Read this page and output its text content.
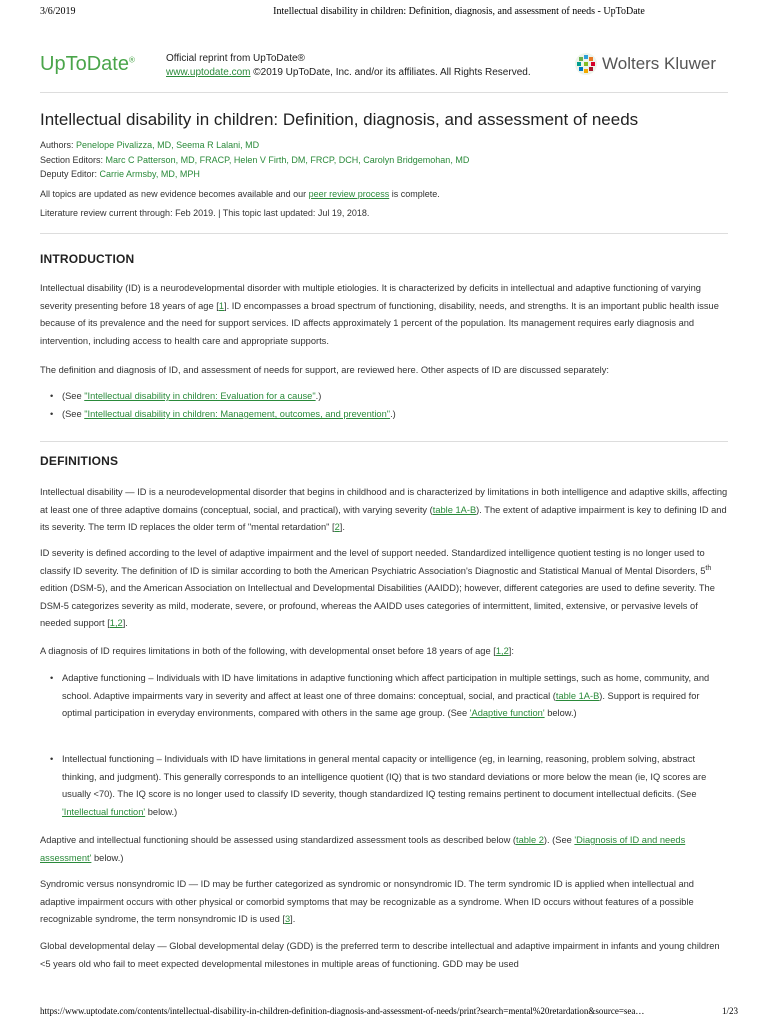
3/6/2019	Intellectual disability in children: Definition, diagnosis, and assessment of needs - UpToDate
UpToDate®	Official reprint from UpToDate®
www.uptodate.com ©2019 UpToDate, Inc. and/or its affiliates. All Rights Reserved.	Wolters Kluwer
Intellectual disability in children: Definition, diagnosis, and assessment of needs
Authors: Penelope Pivalizza, MD, Seema R Lalani, MD
Section Editors: Marc C Patterson, MD, FRACP, Helen V Firth, DM, FRCP, DCH, Carolyn Bridgemohan, MD
Deputy Editor: Carrie Armsby, MD, MPH
All topics are updated as new evidence becomes available and our peer review process is complete.
Literature review current through: Feb 2019. | This topic last updated: Jul 19, 2018.
INTRODUCTION

Intellectual disability (ID) is a neurodevelopmental disorder with multiple etiologies. It is characterized by deficits in intellectual and adaptive functioning of varying severity presenting before 18 years of age [1]. ID encompasses a broad spectrum of functioning, disability, needs, and strengths. It is an important public health issue because of its prevalence and the need for support services. ID affects approximately 1 percent of the population. Its management requires early diagnosis and intervention, including access to health care and appropriate supports.

The definition and diagnosis of ID, and assessment of needs for support, are reviewed here. Other aspects of ID are discussed separately:

• (See "Intellectual disability in children: Evaluation for a cause".)
• (See "Intellectual disability in children: Management, outcomes, and prevention".)
DEFINITIONS

Intellectual disability — ID is a neurodevelopmental disorder that begins in childhood and is characterized by limitations in both intelligence and adaptive skills, affecting at least one of three adaptive domains (conceptual, social, and practical), with varying severity (table 1A-B). The extent of adaptive impairment is key to defining ID and its severity. The term ID replaces the older term of "mental retardation" [2].

ID severity is defined according to the level of adaptive impairment and the level of support needed. Standardized intelligence quotient testing is no longer used to classify ID severity. The definition of ID is similar according to both the American Psychiatric Association's Diagnostic and Statistical Manual of Mental Disorders, 5th edition (DSM-5), and the American Association on Intellectual and Developmental Disabilities (AAIDD); however, different categories are used to define severity. The DSM-5 categorizes severity as mild, moderate, severe, or profound, whereas the AAIDD uses categories of intermittent, limited, extensive, or pervasive levels of needed support [1,2].

A diagnosis of ID requires limitations in both of the following, with developmental onset before 18 years of age [1,2]:

• Adaptive functioning – Individuals with ID have limitations in adaptive functioning which affect participation in multiple settings, such as home, community, and school. Adaptive impairments vary in severity and affect at least one of three domains: conceptual, social, and practical (table 1A-B). Support is required for optimal participation in everyday environments, compared with others in the same age group. (See 'Adaptive function' below.)
• Intellectual functioning – Individuals with ID have limitations in general mental capacity or intelligence (eg, in learning, reasoning, problem solving, abstract thinking, and judgment). This generally corresponds to an intelligence quotient (IQ) that is two standard deviations or more below the mean (ie, IQ scores are usually <70). The IQ score is no longer used to classify ID severity, though standardized IQ testing remains pertinent to document intellectual deficits. (See 'Intellectual function' below.)

Adaptive and intellectual functioning should be assessed using standardized assessment tools as described below (table 2). (See 'Diagnosis of ID and needs assessment' below.)

Syndromic versus nonsyndromic ID — ID may be further categorized as syndromic or nonsyndromic ID. The term syndromic ID is applied when intellectual and adaptive impairment occurs with other physical or comorbid symptoms that may be recognizable as a syndrome. When ID occurs without features of a possible recognizable syndrome, the term nonsyndromic ID is used [3].

Global developmental delay — Global developmental delay (GDD) is the preferred term to describe intellectual and adaptive impairment in infants and young children <5 years old who fail to meet expected developmental milestones in multiple areas of functioning. GDD may be used

https://www.uptodate.com/contents/intellectual-disability-in-children-definition-diagnosis-and-assessment-of-needs/print?search=mental%20retardation&source=sea…	1/23
